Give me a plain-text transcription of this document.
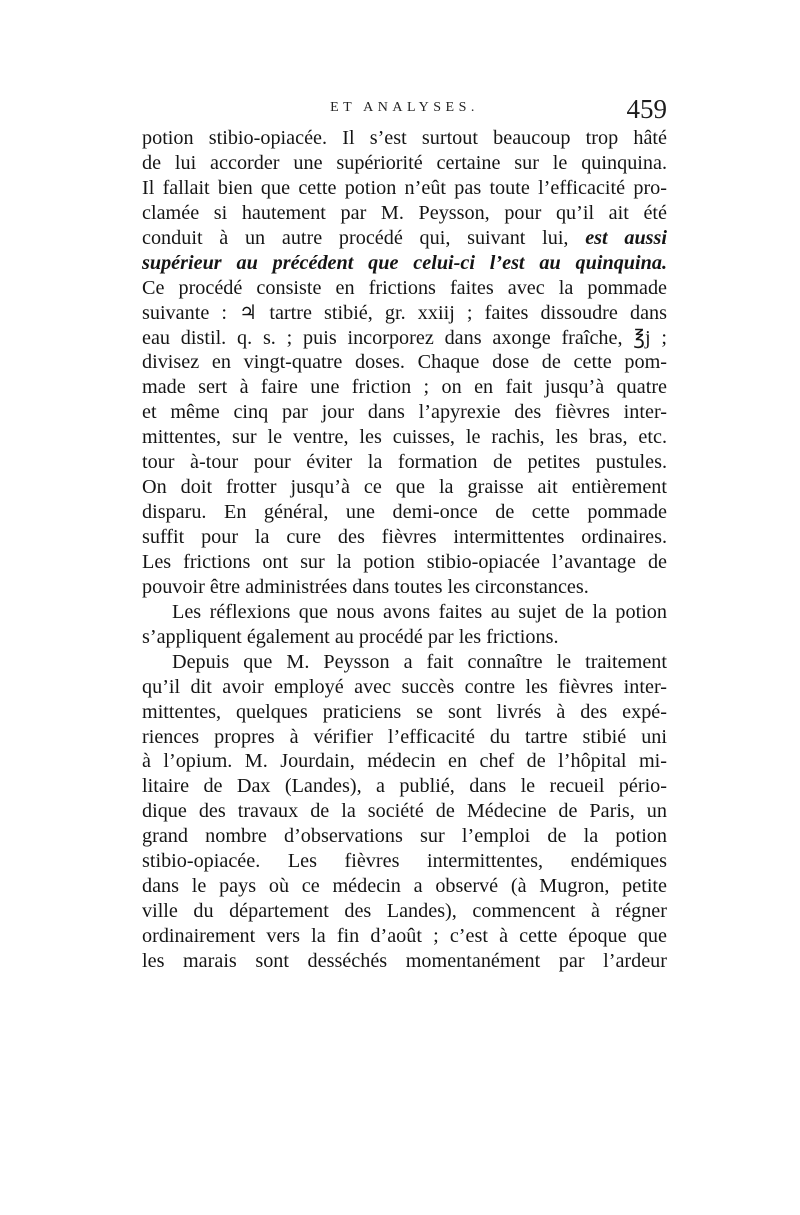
ET ANALYSES.	459
potion stibio-opiacée. Il s’est surtout beaucoup trop hâté
de lui accorder une supériorité certaine sur le quinquina.
Il fallait bien que cette potion n’eût pas toute l’efficacité pro-
clamée si hautement par M. Peysson, pour qu’il ait été
conduit à un autre procédé qui, suivant lui, est aussi
supérieur au précédent que celui-ci l’est au quinquina.
Ce procédé consiste en frictions faites avec la pommade
suivante : ♃ tartre stibié, gr. xxiij ; faites dissoudre dans
eau distil. q. s. ; puis incorporez dans axonge fraîche, ℥j ;
divisez en vingt-quatre doses. Chaque dose de cette pom-
made sert à faire une friction ; on en fait jusqu’à quatre
et même cinq par jour dans l’apyrexie des fièvres inter-
mittentes, sur le ventre, les cuisses, le rachis, les bras, etc.
tour à-tour pour éviter la formation de petites pustules.
On doit frotter jusqu’à ce que la graisse ait entièrement
disparu. En général, une demi-once de cette pommade
suffit pour la cure des fièvres intermittentes ordinaires.
Les frictions ont sur la potion stibio-opiacée l’avantage de
pouvoir être administrées dans toutes les circonstances.
Les réflexions que nous avons faites au sujet de la potion
s’appliquent également au procédé par les frictions.
Depuis que M. Peysson a fait connaître le traitement
qu’il dit avoir employé avec succès contre les fièvres inter-
mittentes, quelques praticiens se sont livrés à des expé-
riences propres à vérifier l’efficacité du tartre stibié uni
à l’opium. M. Jourdain, médecin en chef de l’hôpital mi-
litaire de Dax (Landes), a publié, dans le recueil pério-
dique des travaux de la société de Médecine de Paris, un
grand nombre d’observations sur l’emploi de la potion
stibio-opiacée. Les fièvres intermittentes, endémiques
dans le pays où ce médecin a observé (à Mugron, petite
ville du département des Landes), commencent à régner
ordinairement vers la fin d’août ; c’est à cette époque que
les marais sont desséchés momentanément par l’ardeur
